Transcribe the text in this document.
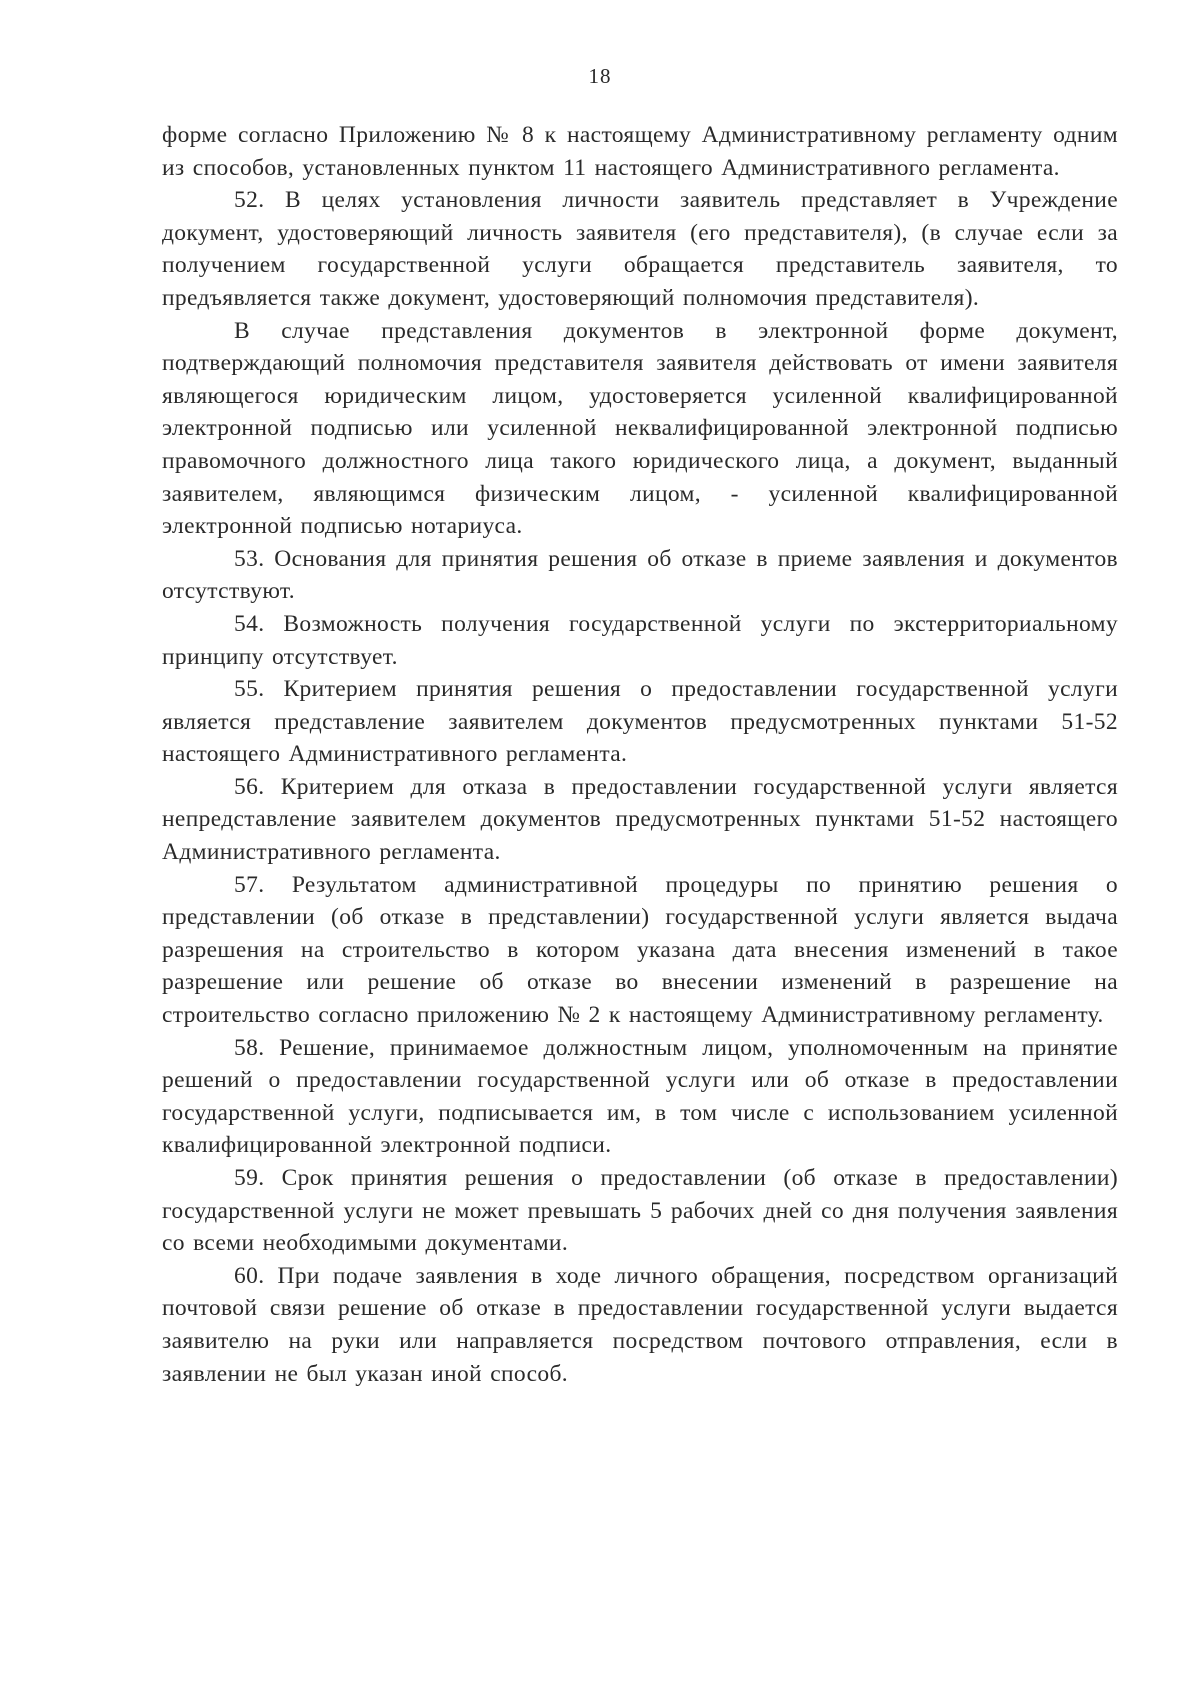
18

форме согласно Приложению № 8 к настоящему Административному регламенту одним из способов, установленных пунктом 11 настоящего Административного регламента.

52. В целях установления личности заявитель представляет в Учреждение документ, удостоверяющий личность заявителя (его представителя), (в случае если за получением государственной услуги обращается представитель заявителя, то предъявляется также документ, удостоверяющий полномочия представителя).

В случае представления документов в электронной форме документ, подтверждающий полномочия представителя заявителя действовать от имени заявителя являющегося юридическим лицом, удостоверяется усиленной квалифицированной электронной подписью или усиленной неквалифицированной электронной подписью правомочного должностного лица такого юридического лица, а документ, выданный заявителем, являющимся физическим лицом, - усиленной квалифицированной электронной подписью нотариуса.

53. Основания для принятия решения об отказе в приеме заявления и документов отсутствуют.

54. Возможность получения государственной услуги по экстерриториальному принципу отсутствует.

55. Критерием принятия решения о предоставлении государственной услуги является представление заявителем документов предусмотренных пунктами 51-52 настоящего Административного регламента.

56. Критерием для отказа в предоставлении государственной услуги является непредставление заявителем документов предусмотренных пунктами 51-52 настоящего Административного регламента.

57. Результатом административной процедуры по принятию решения о представлении (об отказе в представлении) государственной услуги является выдача разрешения на строительство в котором указана дата внесения изменений в такое разрешение или решение об отказе во внесении изменений в разрешение на строительство согласно приложению № 2 к настоящему Административному регламенту.

58. Решение, принимаемое должностным лицом, уполномоченным на принятие решений о предоставлении государственной услуги или об отказе в предоставлении государственной услуги, подписывается им, в том числе с использованием усиленной квалифицированной электронной подписи.

59. Срок принятия решения о предоставлении (об отказе в предоставлении) государственной услуги не может превышать 5 рабочих дней со дня получения заявления со всеми необходимыми документами.

60. При подаче заявления в ходе личного обращения, посредством организаций почтовой связи решение об отказе в предоставлении государственной услуги выдается заявителю на руки или направляется посредством почтового отправления, если в заявлении не был указан иной способ.
